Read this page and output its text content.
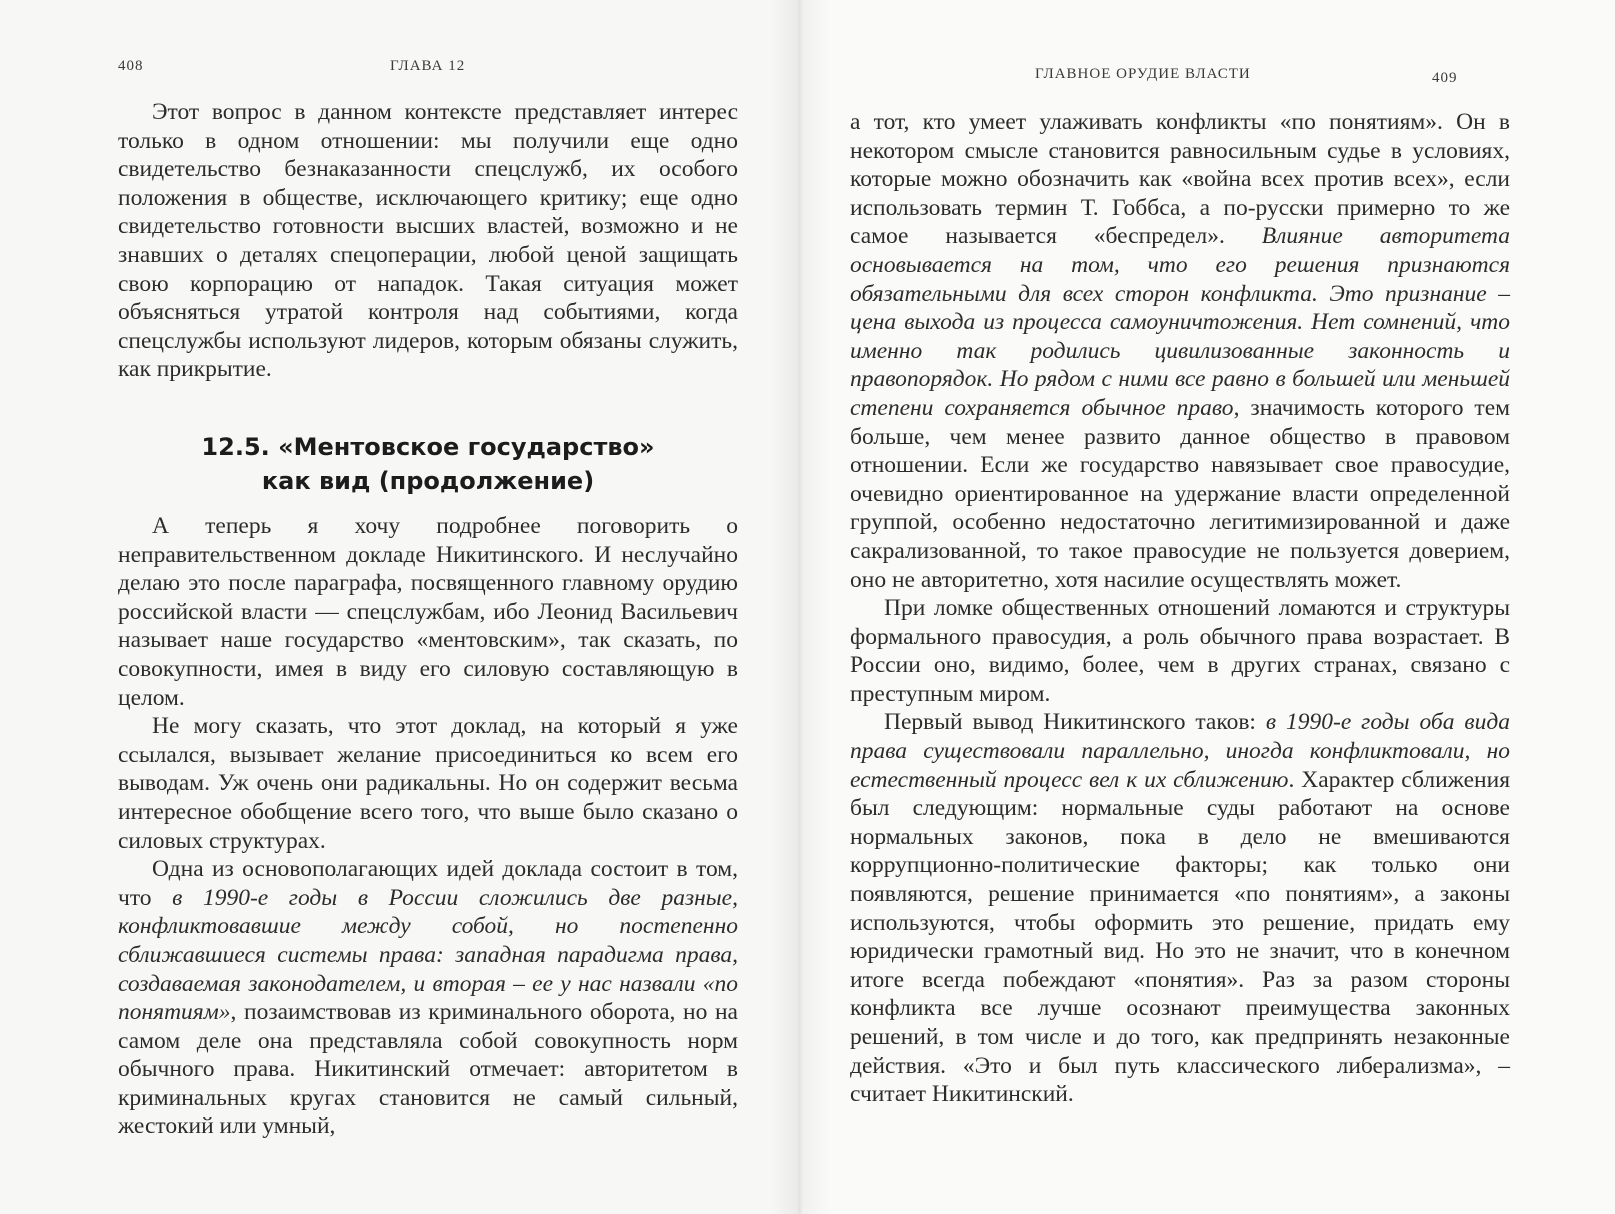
408	ГЛАВА 12

Этот вопрос в данном контексте представляет интерес только в одном отношении: мы получили еще одно свидетельство безнаказанности спецслужб, их особого положения в обществе, исключающего критику; еще одно свидетельство готовности высших властей, возможно и не знавших о деталях спецоперации, любой ценой защищать свою корпорацию от нападок. Такая ситуация может объясняться утратой контроля над событиями, когда спецслужбы используют лидеров, которым обязаны служить, как прикрытие.

12.5. «Ментовское государство»
как вид (продолжение)

А теперь я хочу подробнее поговорить о неправительственном докладе Никитинского. И неслучайно делаю это после параграфа, посвященного главному орудию российской власти — спецслужбам, ибо Леонид Васильевич называет наше государство «ментовским», так сказать, по совокупности, имея в виду его силовую составляющую в целом.

Не могу сказать, что этот доклад, на который я уже ссылался, вызывает желание присоединиться ко всем его выводам. Уж очень они радикальны. Но он содержит весьма интересное обобщение всего того, что выше было сказано о силовых структурах.

Одна из основополагающих идей доклада состоит в том, что в 1990-е годы в России сложились две разные, конфликтовавшие между собой, но постепенно сближавшиеся системы права: западная парадигма права, создаваемая законодателем, и вторая – ее у нас назвали «по понятиям», позаимствовав из криминального оборота, но на самом деле она представляла собой совокупность норм обычного права. Никитинский отмечает: авторитетом в криминальных кругах становится не самый сильный, жестокий или умный,

ГЛАВНОЕ ОРУДИЕ ВЛАСТИ	409

а тот, кто умеет улаживать конфликты «по понятиям». Он в некотором смысле становится равносильным судье в условиях, которые можно обозначить как «война всех против всех», если использовать термин Т. Гоббса, а по-русски примерно то же самое называется «беспредел». Влияние авторитета основывается на том, что его решения признаются обязательными для всех сторон конфликта. Это признание – цена выхода из процесса самоуничтожения. Нет сомнений, что именно так родились цивилизованные законность и правопорядок. Но рядом с ними все равно в большей или меньшей степени сохраняется обычное право, значимость которого тем больше, чем менее развито данное общество в правовом отношении. Если же государство навязывает свое правосудие, очевидно ориентированное на удержание власти определенной группой, особенно недостаточно легитимизированной и даже сакрализованной, то такое правосудие не пользуется доверием, оно не авторитетно, хотя насилие осуществлять может.

При ломке общественных отношений ломаются и структуры формального правосудия, а роль обычного права возрастает. В России оно, видимо, более, чем в других странах, связано с преступным миром.

Первый вывод Никитинского таков: в 1990-е годы оба вида права существовали параллельно, иногда конфликтовали, но естественный процесс вел к их сближению. Характер сближения был следующим: нормальные суды работают на основе нормальных законов, пока в дело не вмешиваются коррупционно-политические факторы; как только они появляются, решение принимается «по понятиям», а законы используются, чтобы оформить это решение, придать ему юридически грамотный вид. Но это не значит, что в конечном итоге всегда побеждают «понятия». Раз за разом стороны конфликта все лучше осознают преимущества законных решений, в том числе и до того, как предпринять незаконные действия. «Это и был путь классического либерализма», – считает Никитинский.
